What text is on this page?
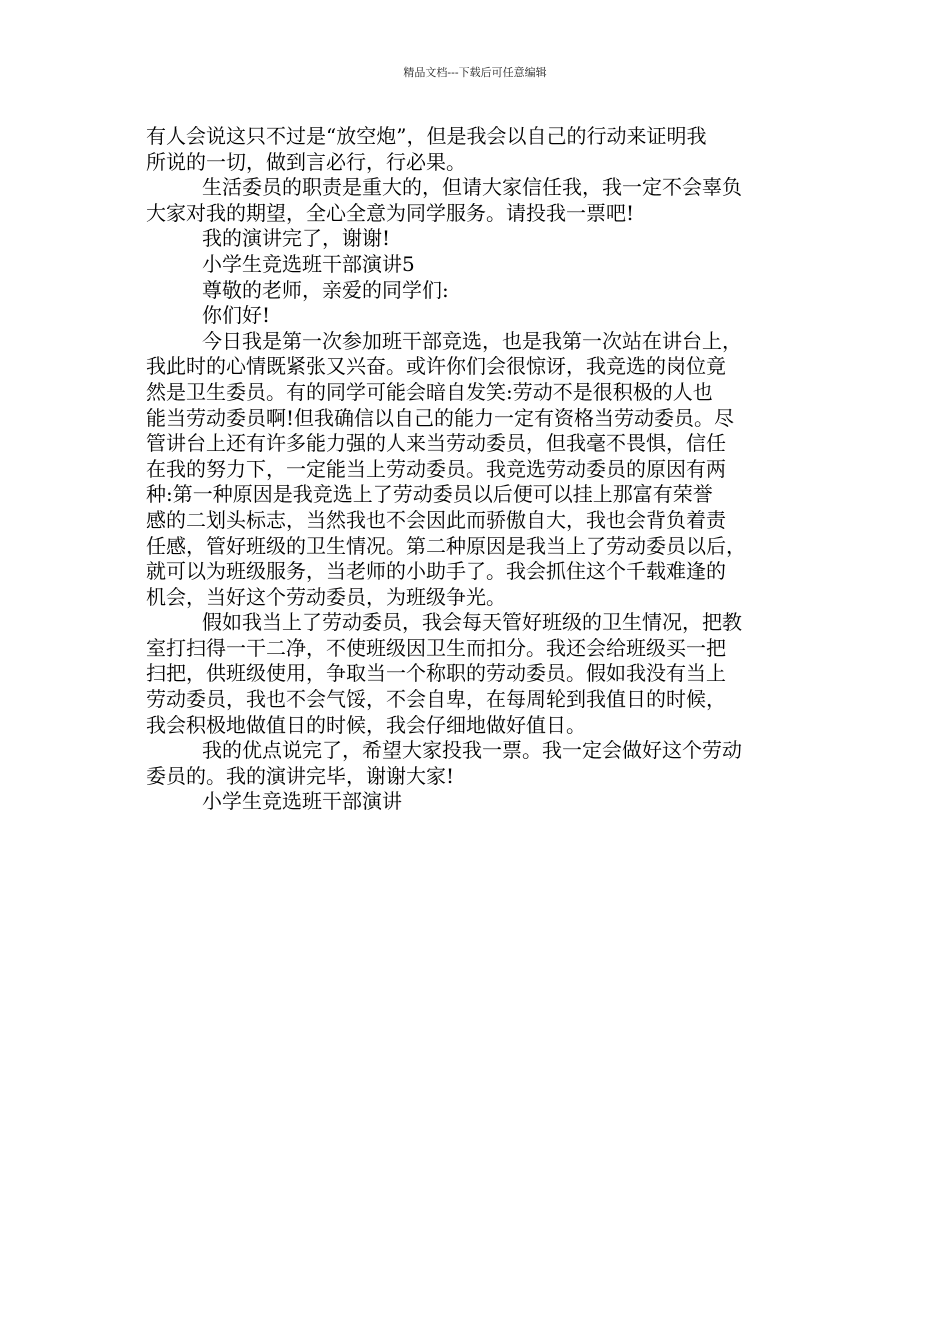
精品文档---下载后可任意编辑
有人会说这只不过是“放空炮”，但是我会以自己的行动来证明我
所说的一切，做到言必行，行必果。
生活委员的职责是重大的，但请大家信任我，我一定不会辜负
大家对我的期望，全心全意为同学服务。请投我一票吧!
我的演讲完了，谢谢!
小学生竞选班干部演讲5
尊敬的老师，亲爱的同学们:
你们好!
今日我是第一次参加班干部竞选，也是我第一次站在讲台上，
我此时的心情既紧张又兴奋。或许你们会很惊讶，我竞选的岗位竟
然是卫生委员。有的同学可能会暗自发笑:劳动不是很积极的人也
能当劳动委员啊!但我确信以自己的能力一定有资格当劳动委员。尽
管讲台上还有许多能力强的人来当劳动委员，但我毫不畏惧，信任
在我的努力下，一定能当上劳动委员。我竞选劳动委员的原因有两
种:第一种原因是我竞选上了劳动委员以后便可以挂上那富有荣誉
感的二划头标志，当然我也不会因此而骄傲自大，我也会背负着责
任感，管好班级的卫生情况。第二种原因是我当上了劳动委员以后，
就可以为班级服务，当老师的小助手了。我会抓住这个千载难逢的
机会，当好这个劳动委员，为班级争光。
假如我当上了劳动委员，我会每天管好班级的卫生情况，把教
室打扫得一干二净，不使班级因卫生而扣分。我还会给班级买一把
扫把，供班级使用，争取当一个称职的劳动委员。假如我没有当上
劳动委员，我也不会气馁，不会自卑，在每周轮到我值日的时候，
我会积极地做值日的时候，我会仔细地做好值日。
我的优点说完了，希望大家投我一票。我一定会做好这个劳动
委员的。我的演讲完毕，谢谢大家!
小学生竞选班干部演讲
